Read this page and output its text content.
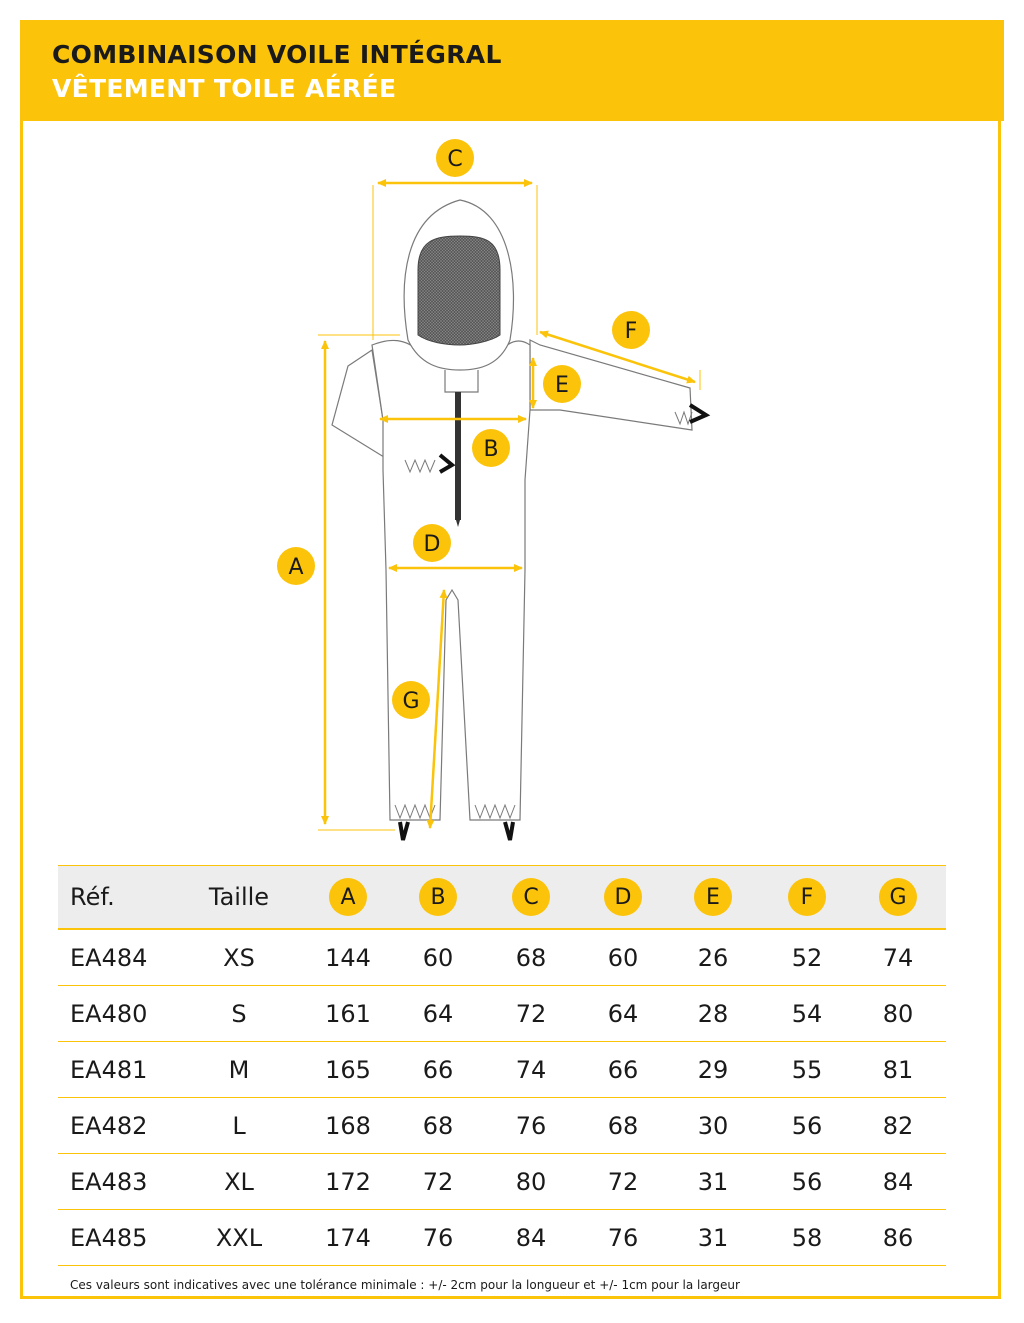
COMBINAISON VOILE INTÉGRAL
VÊTEMENT TOILE AÉRÉE
C
F
E
B
D
A
G
Réf.	Taille	A	B	C	D	E	F	G
EA484	XS	144	60	68	60	26	52	74
EA480	S	161	64	72	64	28	54	80
EA481	M	165	66	74	66	29	55	81
EA482	L	168	68	76	68	30	56	82
EA483	XL	172	72	80	72	31	56	84
EA485	XXL	174	76	84	76	31	58	86
Ces valeurs sont indicatives avec une tolérance minimale : +/- 2cm pour la longueur et +/- 1cm pour la largeur
